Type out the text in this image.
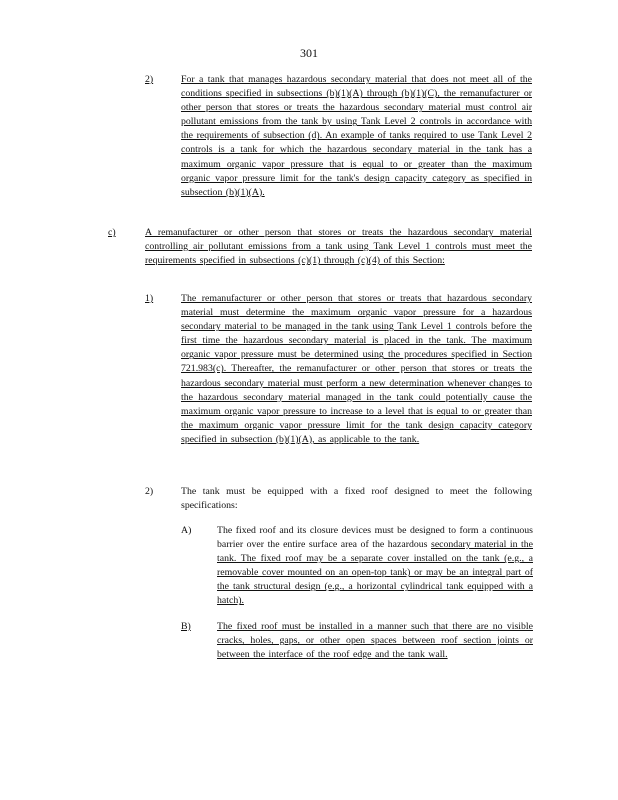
301
2)	For a tank that manages hazardous secondary material that does not meet all of the conditions specified in subsections (b)(1)(A) through (b)(1)(C), the remanufacturer or other person that stores or treats the hazardous secondary material must control air pollutant emissions from the tank by using Tank Level 2 controls in accordance with the requirements of subsection (d). An example of tanks required to use Tank Level 2 controls is a tank for which the hazardous secondary material in the tank has a maximum organic vapor pressure that is equal to or greater than the maximum organic vapor pressure limit for the tank's design capacity category as specified in subsection (b)(1)(A).
c)	A remanufacturer or other person that stores or treats the hazardous secondary material controlling air pollutant emissions from a tank using Tank Level 1 controls must meet the requirements specified in subsections (c)(1) through (c)(4) of this Section:
1)	The remanufacturer or other person that stores or treats that hazardous secondary material must determine the maximum organic vapor pressure for a hazardous secondary material to be managed in the tank using Tank Level 1 controls before the first time the hazardous secondary material is placed in the tank. The maximum organic vapor pressure must be determined using the procedures specified in Section 721.983(c). Thereafter, the remanufacturer or other person that stores or treats the hazardous secondary material must perform a new determination whenever changes to the hazardous secondary material managed in the tank could potentially cause the maximum organic vapor pressure to increase to a level that is equal to or greater than the maximum organic vapor pressure limit for the tank design capacity category specified in subsection (b)(1)(A), as applicable to the tank.
2)	The tank must be equipped with a fixed roof designed to meet the following specifications:
A)	The fixed roof and its closure devices must be designed to form a continuous barrier over the entire surface area of the hazardous secondary material in the tank. The fixed roof may be a separate cover installed on the tank (e.g., a removable cover mounted on an open-top tank) or may be an integral part of the tank structural design (e.g., a horizontal cylindrical tank equipped with a hatch).
B)	The fixed roof must be installed in a manner such that there are no visible cracks, holes, gaps, or other open spaces between roof section joints or between the interface of the roof edge and the tank wall.
